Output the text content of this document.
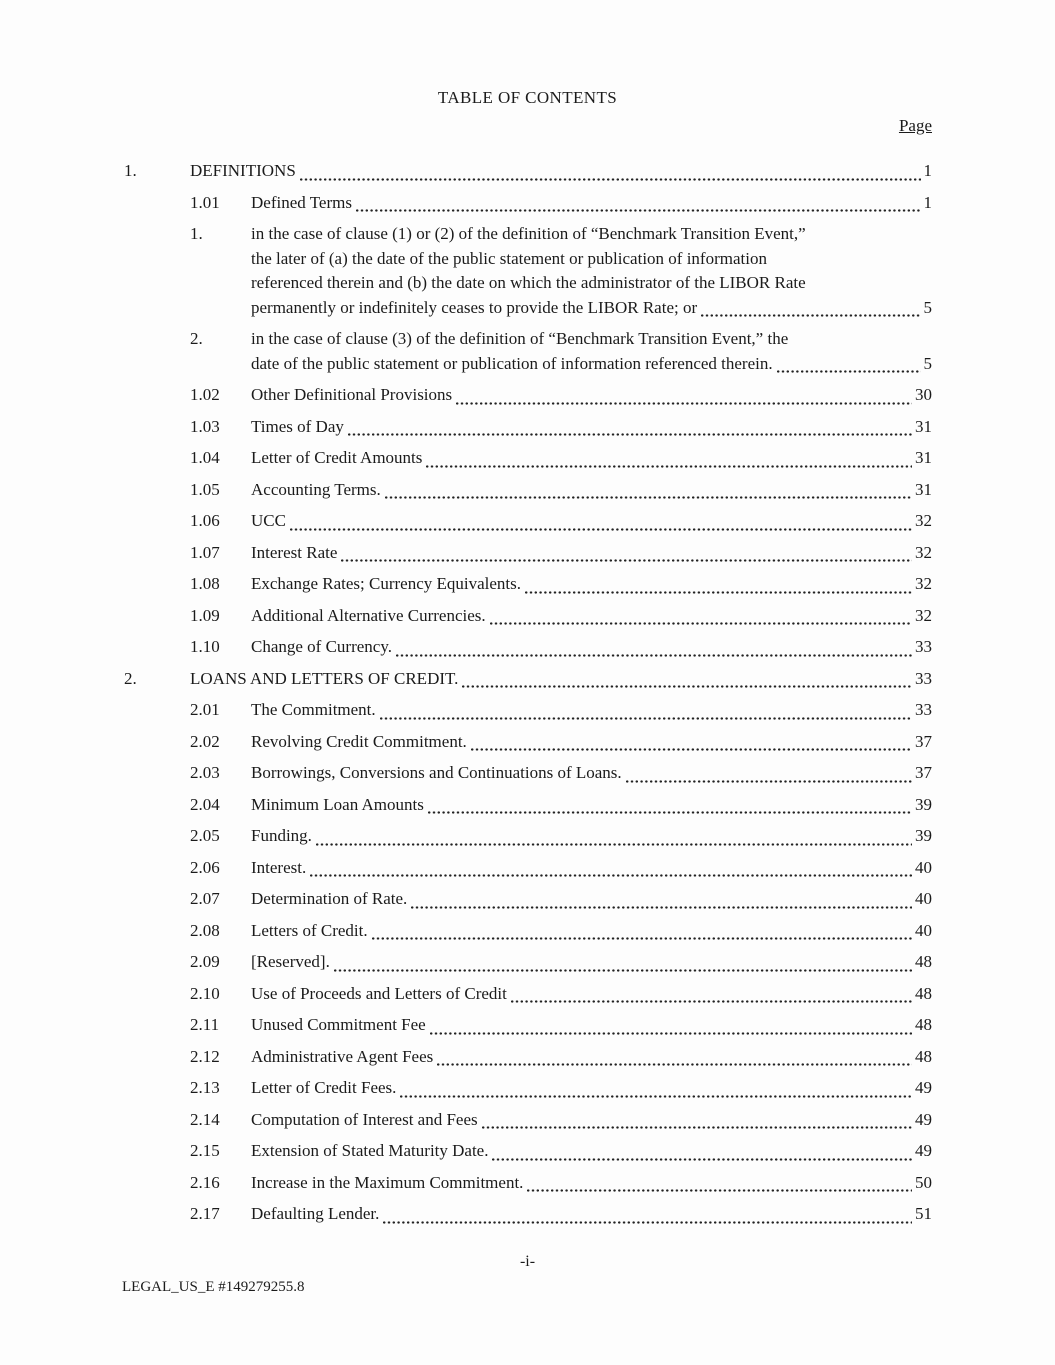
TABLE OF CONTENTS
Page
1.	DEFINITIONS	1
1.01	Defined Terms	1
1.	in the case of clause (1) or (2) of the definition of “Benchmark Transition Event,”
the later of (a) the date of the public statement or publication of information
referenced therein and (b) the date on which the administrator of the LIBOR Rate
permanently or indefinitely ceases to provide the LIBOR Rate; or	5
2.	in the case of clause (3) of the definition of “Benchmark Transition Event,” the
date of the public statement or publication of information referenced therein.	5
1.02	Other Definitional Provisions	30
1.03	Times of Day	31
1.04	Letter of Credit Amounts	31
1.05	Accounting Terms.	31
1.06	UCC	32
1.07	Interest Rate	32
1.08	Exchange Rates; Currency Equivalents.	32
1.09	Additional Alternative Currencies.	32
1.10	Change of Currency.	33
2.	LOANS AND LETTERS OF CREDIT.	33
2.01	The Commitment.	33
2.02	Revolving Credit Commitment.	37
2.03	Borrowings, Conversions and Continuations of Loans.	37
2.04	Minimum Loan Amounts	39
2.05	Funding.	39
2.06	Interest.	40
2.07	Determination of Rate.	40
2.08	Letters of Credit.	40
2.09	[Reserved].	48
2.10	Use of Proceeds and Letters of Credit	48
2.11	Unused Commitment Fee	48
2.12	Administrative Agent Fees	48
2.13	Letter of Credit Fees.	49
2.14	Computation of Interest and Fees	49
2.15	Extension of Stated Maturity Date.	49
2.16	Increase in the Maximum Commitment.	50
2.17	Defaulting Lender.	51
-i-
LEGAL_US_E #149279255.8
